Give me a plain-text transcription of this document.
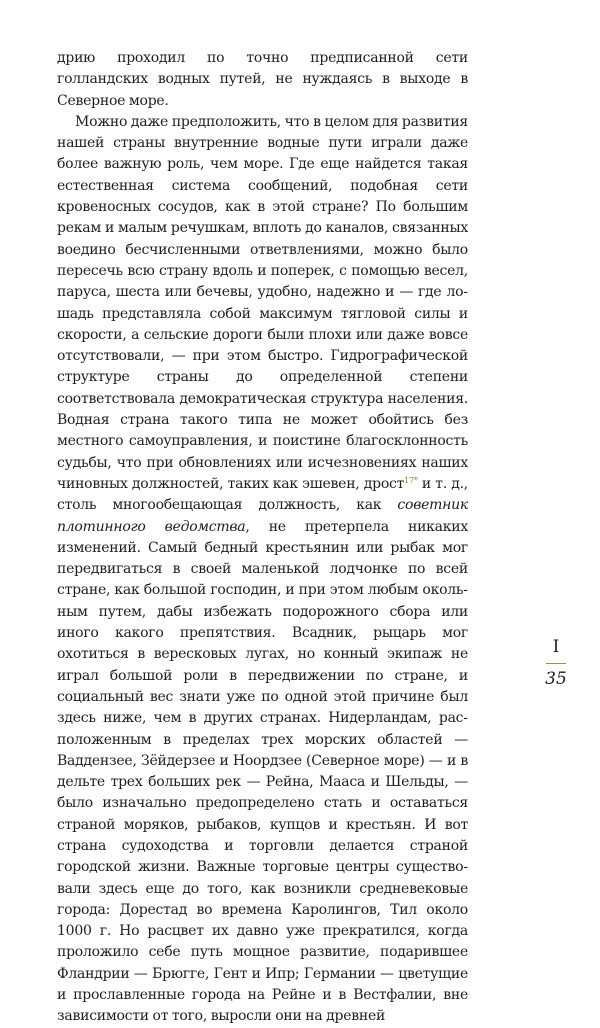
дрию проходил по точно предписанной сети голландских водных путей, не нуждаясь в выходе в Северное море.

Можно даже предположить, что в целом для развития нашей страны внутренние водные пути играли даже более важную роль, чем море. Где еще найдется такая естественная система сообщений, подобная сети кровеносных сосудов, как в этой стране? По большим рекам и малым речушкам, вплоть до каналов, связанных воедино бесчисленными ответвлениями, можно было пересечь всю страну вдоль и поперек, с помощью весел, паруса, шеста или бечевы, удобно, надежно и — где лошадь представляла собой максимум тягловой силы и скорости, а сельские дороги были плохи или даже вовсе отсутствовали, — при этом быстро. Гидрографической структуре страны до определенной степени соответствовала демократическая структура населения. Водная страна такого типа не может обойтись без местного самоуправления, и поистине благосклонность судьбы, что при обновлениях или исчезновениях наших чиновных должностей, таких как эшевен, дрост$^{17*}$ и т. д., столь многообещающая должность, как советник плотинного ведомства, не претерпела никаких изменений. Самый бедный крестьянин или рыбак мог передвигаться в своей маленькой лодчонке по всей стране, как большой господин, и при этом любым окольным путем, дабы избежать подорожного сбора или иного какого препятствия. Всадник, рыцарь мог охотиться в вересковых лугах, но конный экипаж не играл большой роли в передвижении по стране, и социальный вес знати уже по одной этой причине был здесь ниже, чем в других странах. Нидерландам, расположенным в пределах трех морских областей — Ваддензее, Зёйдерзее и Ноордзее (Северное море) — и в дельте трех больших рек — Рейна, Мааса и Шельды, — было изначально предопределено стать и оставаться страной моряков, рыбаков, купцов и крестьян. И вот страна судоходства и торговли делается страной городской жизни. Важные торговые центры существовали здесь еще до того, как возникли средневековые города: Дорестад во времена Каролингов, Тил около 1000 г. Но расцвет их давно уже прекратился, когда проложило себе путь мощное развитие, подарившее Фландрии — Брюгге, Гент и Ипр; Германии — цветущие и прославленные города на Рейне и в Вестфалии, вне зависимости от того, выросли они на древней

I
35
